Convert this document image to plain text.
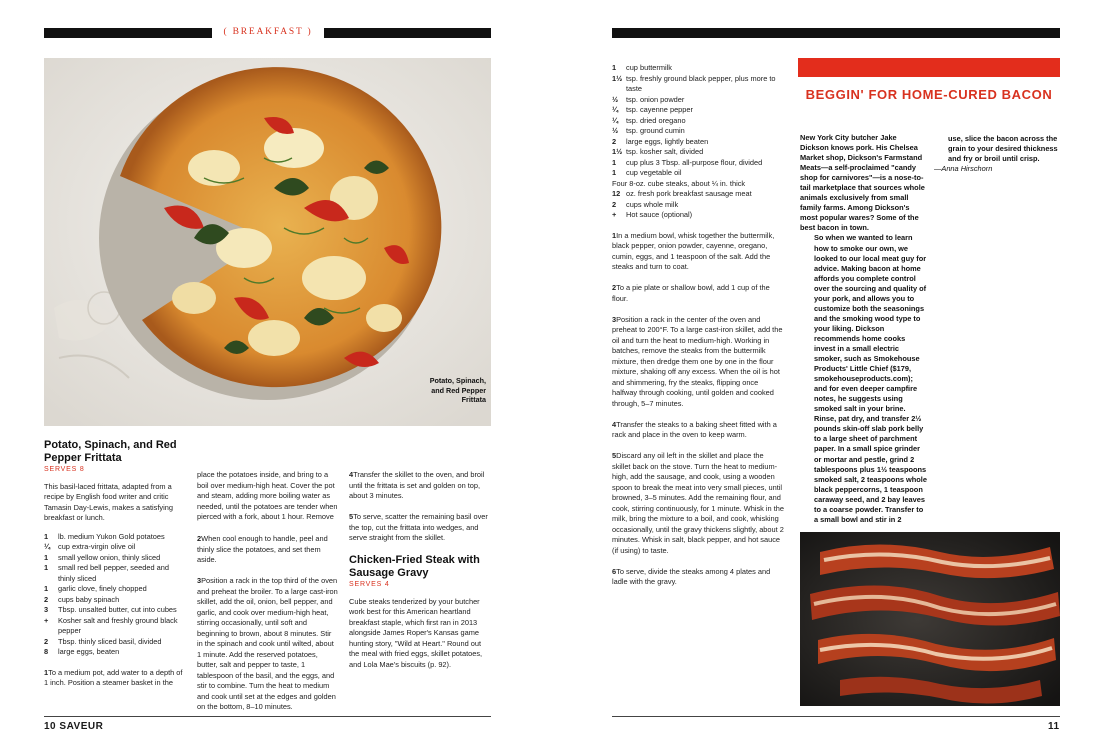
( BREAKFAST )
Potato, Spinach, and Red Pepper Frittata
Potato, Spinach, and Red Pepper Frittata
SERVES 8
This basil-laced frittata, adapted from a recipe by English food writer and critic Tamasin Day-Lewis, makes a satisfying breakfast or lunch.
1	lb. medium Yukon Gold potatoes
¼	cup extra-virgin olive oil
1	small yellow onion, thinly sliced
1	small red bell pepper, seeded and thinly sliced
1	garlic clove, finely chopped
2	cups baby spinach
3	Tbsp. unsalted butter, cut into cubes
+	Kosher salt and freshly ground black pepper
2	Tbsp. thinly sliced basil, divided
8	large eggs, beaten

1To a medium pot, add water to a depth of 1 inch. Position a steamer basket in the

place the potatoes inside, and bring to a boil over medium-high heat. Cover the pot and steam, adding more boiling water as needed, until the potatoes are tender when pierced with a fork, about 1 hour. Remove

2When cool enough to handle, peel and thinly slice the potatoes, and set them aside.

3Position a rack in the top third of the oven and preheat the broiler. To a large cast-iron skillet, add the oil, onion, bell pepper, and garlic, and cook over medium-high heat, stirring occasionally, until soft and beginning to brown, about 8 minutes. Stir in the spinach and cook until wilted, about 1 minute. Add the reserved potatoes, butter, salt and pepper to taste, 1 tablespoon of the basil, and the eggs, and stir to combine. Turn the heat to medium and cook until set at the edges and golden on the bottom, 8–10 minutes.

4Transfer the skillet to the oven, and broil until the frittata is set and golden on top, about 3 minutes.

5To serve, scatter the remaining basil over the top, cut the frittata into wedges, and serve straight from the skillet.

Chicken-Fried Steak with Sausage Gravy
SERVES 4
Cube steaks tenderized by your butcher work best for this American heartland breakfast staple, which first ran in 2013 alongside James Roper's Kansas game hunting story, "Wild at Heart." Round out the meal with fried eggs, skillet potatoes, and Lola Mae's biscuits (p. 92).
1	cup buttermilk
1½ tsp. freshly ground black pepper, plus more to taste
½	tsp. onion powder
¼	tsp. cayenne pepper
¼	tsp. dried oregano
½	tsp. ground cumin
2	large eggs, lightly beaten
1½ tsp. kosher salt, divided
1	cup plus 3 Tbsp. all-purpose flour, divided
1	cup vegetable oil
Four 8-oz. cube steaks, about ¼ in. thick
12 oz. fresh pork breakfast sausage meat
2	cups whole milk
+	Hot sauce (optional)

1In a medium bowl, whisk together the buttermilk, black pepper, onion powder, cayenne, oregano, cumin, eggs, and 1 teaspoon of the salt. Add the steaks and turn to coat.

2To a pie plate or shallow bowl, add 1 cup of the flour.

3Position a rack in the center of the oven and preheat to 200°F. To a large cast-iron skillet, add the oil and turn the heat to medium-high. Working in batches, remove the steaks from the buttermilk mixture, then dredge them one by one in the flour mixture, shaking off any excess. When the oil is hot and shimmering, fry the steaks, flipping once halfway through cooking, until golden and cooked through, 5–7 minutes.

4Transfer the steaks to a baking sheet fitted with a rack and place in the oven to keep warm.

5Discard any oil left in the skillet and place the skillet back on the stove. Turn the heat to medium-high, add the sausage, and cook, using a wooden spoon to break the meat into very small pieces, until browned, 3–5 minutes. Add the remaining flour, and cook, stirring continuously, for 1 minute. Whisk in the milk, bring the mixture to a boil, and cook, whisking occasionally, until the gravy thickens slightly, about 2 minutes. Whisk in salt, black pepper, and hot sauce (if using) to taste.

6To serve, divide the steaks among 4 plates and ladle with the gravy.

BEGGIN' FOR HOME-CURED BACON
New York City butcher Jake Dickson knows pork. His Chelsea Market shop, Dickson's Farmstand Meats—a self-proclaimed "candy shop for carnivores"—is a nose-to-tail marketplace that sources whole animals exclusively from small family farms. Among Dickson's most popular wares? Some of the best bacon in town.
So when we wanted to learn how to smoke our own, we looked to our local meat guy for advice. Making bacon at home affords you complete control over the sourcing and quality of your pork, and allows you to customize both the seasonings and the smoking wood type to your liking. Dickson recommends home cooks invest in a small electric smoker, such as Smokehouse Products' Little Chief ($179, smokehouseproducts.com); and for even deeper campfire notes, he suggests using smoked salt in your brine.
Rinse, pat dry, and transfer 2½ pounds skin-off slab pork belly to a large sheet of parchment paper. In a small spice grinder or mortar and pestle, grind 2 tablespoons plus 1½ teaspoons smoked salt, 2 teaspoons whole black peppercorns, 1 teaspoon caraway seed, and 2 bay leaves to a coarse powder. Transfer to a small bowl and stir in 2
use, slice the bacon across the grain to your desired thickness and fry or broil until crisp.
—Anna Hirschorn
10 SAVEUR	11
